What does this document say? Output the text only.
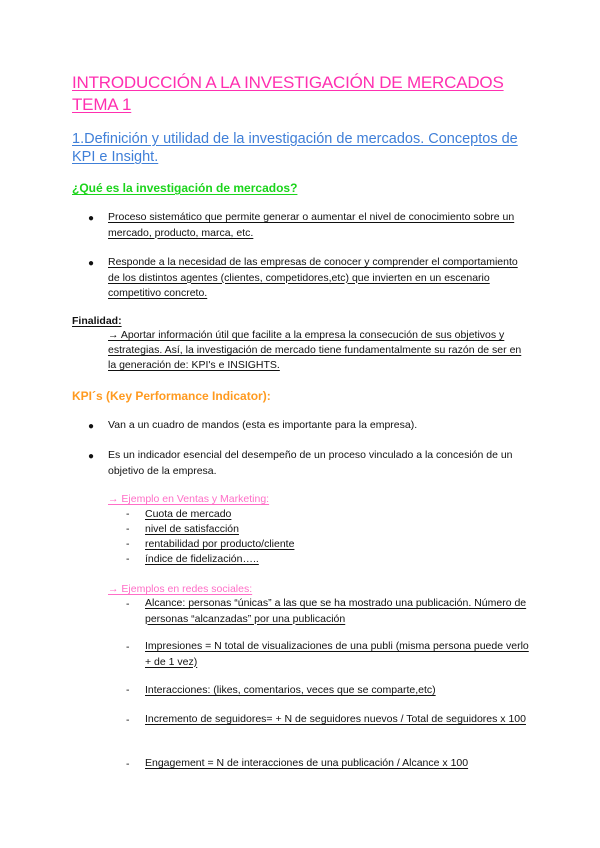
INTRODUCCIÓN A LA INVESTIGACIÓN DE MERCADOS
TEMA 1
1.Definición y utilidad de la investigación de mercados. Conceptos de KPI e Insight.
¿Qué es la investigación de mercados?
●	Proceso sistemático que permite generar o aumentar el nivel de conocimiento sobre un mercado, producto, marca, etc.
●	Responde a la necesidad de las empresas de conocer y comprender el comportamiento de los distintos agentes (clientes, competidores,etc) que invierten en un escenario competitivo concreto.
Finalidad:
→ Aportar información útil que facilite a la empresa la consecución de sus objetivos y estrategias. Así, la investigación de mercado tiene fundamentalmente su razón de ser en la generación de: KPI's e INSIGHTS.
KPI´s (Key Performance Indicator):
●	Van a un cuadro de mandos (esta es importante para la empresa).
●	Es un indicador esencial del desempeño de un proceso vinculado a la concesión de un objetivo de la empresa.
→ Ejemplo en Ventas y Marketing:
-	Cuota de mercado
-	nivel de satisfacción
-	rentabilidad por producto/cliente
-	índice de fidelización…..
→ Ejemplos en redes sociales:
-	Alcance: personas “únicas” a las que se ha mostrado una publicación. Número de personas “alcanzadas” por una publicación
-	Impresiones = N total de visualizaciones de una publi (misma persona puede verlo + de 1 vez)
-	Interacciones: (likes, comentarios, veces que se comparte,etc)
-	Incremento de seguidores= + N de seguidores nuevos / Total de seguidores x 100
-	Engagement = N de interacciones de una publicación / Alcance x 100
